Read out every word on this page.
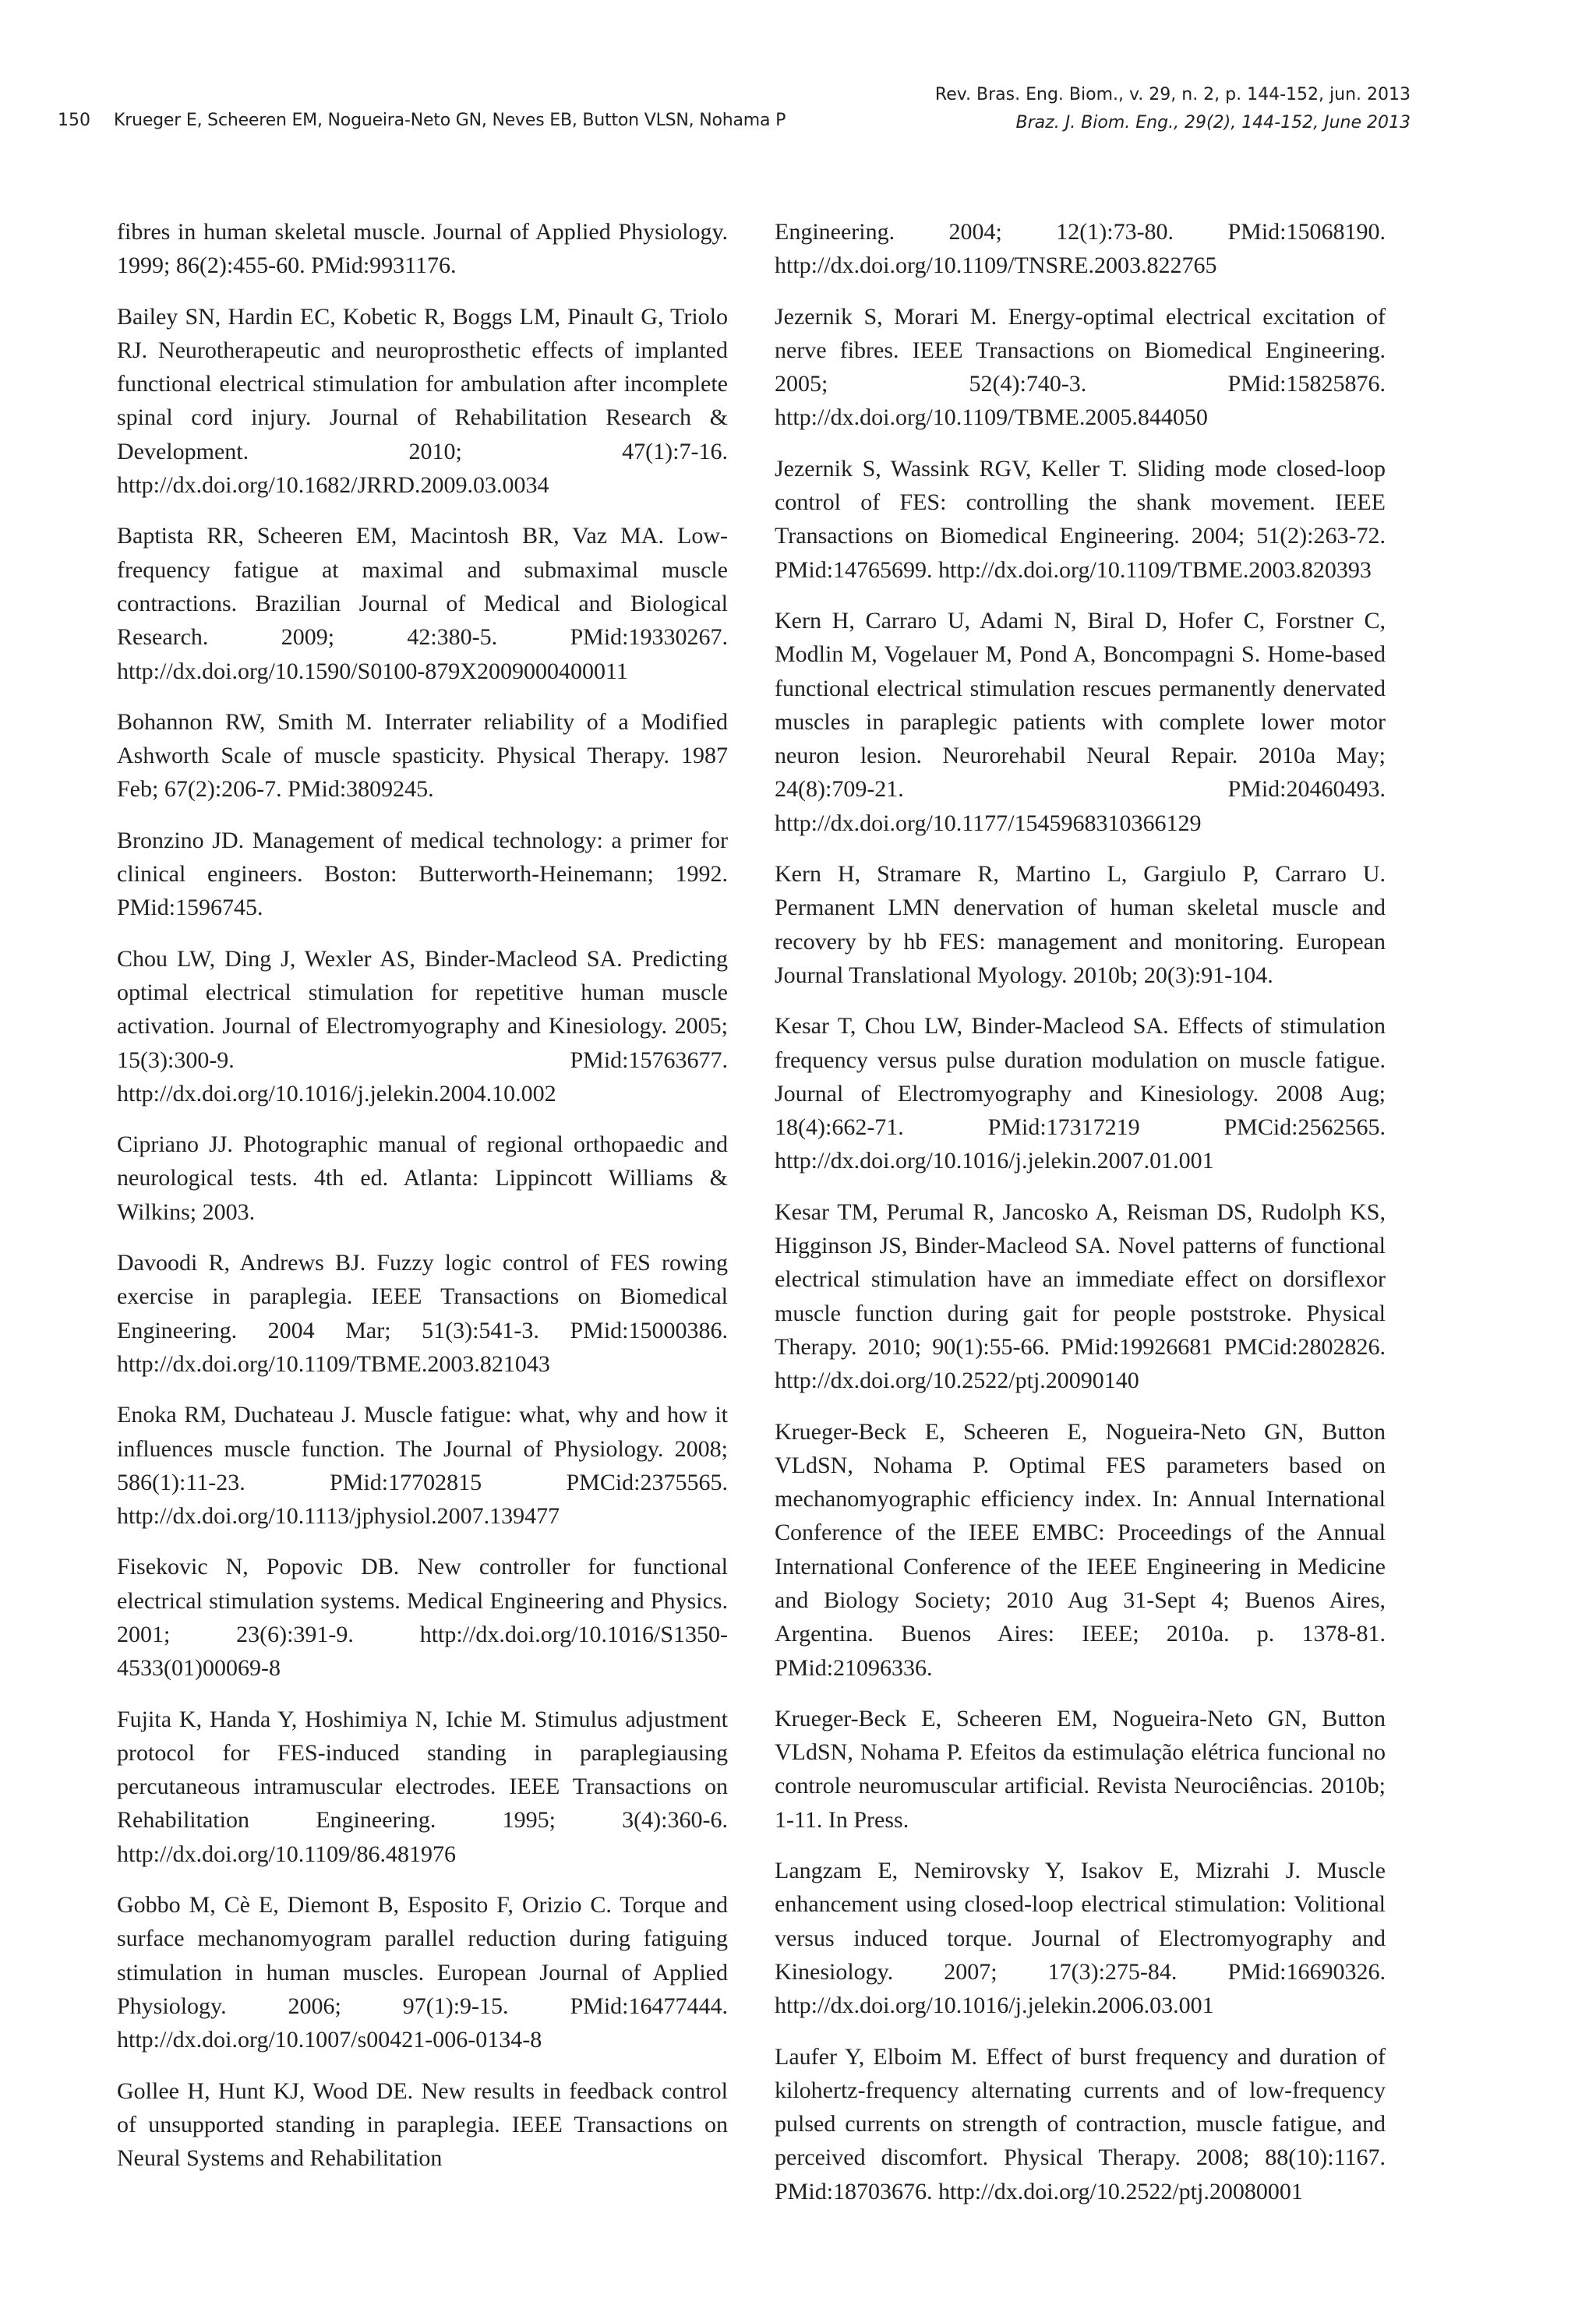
150 Krueger E, Scheeren EM, Nogueira-Neto GN, Neves EB, Button VLSN, Nohama P
Rev. Bras. Eng. Biom., v. 29, n. 2, p. 144-152, jun. 2013
Braz. J. Biom. Eng., 29(2), 144-152, June 2013

fibres in human skeletal muscle. Journal of Applied Physiology. 1999; 86(2):455-60. PMid:9931176.

Bailey SN, Hardin EC, Kobetic R, Boggs LM, Pinault G, Triolo RJ. Neurotherapeutic and neuroprosthetic effects of implanted functional electrical stimulation for ambulation after incomplete spinal cord injury. Journal of Rehabilitation Research & Development. 2010; 47(1):7-16. http://dx.doi.org/10.1682/JRRD.2009.03.0034

Baptista RR, Scheeren EM, Macintosh BR, Vaz MA. Low-frequency fatigue at maximal and submaximal muscle contractions. Brazilian Journal of Medical and Biological Research. 2009; 42:380-5. PMid:19330267. http://dx.doi.org/10.1590/S0100-879X2009000400011

Bohannon RW, Smith M. Interrater reliability of a Modified Ashworth Scale of muscle spasticity. Physical Therapy. 1987 Feb; 67(2):206-7. PMid:3809245.

Bronzino JD. Management of medical technology: a primer for clinical engineers. Boston: Butterworth-Heinemann; 1992. PMid:1596745.

Chou LW, Ding J, Wexler AS, Binder-Macleod SA. Predicting optimal electrical stimulation for repetitive human muscle activation. Journal of Electromyography and Kinesiology. 2005; 15(3):300-9. PMid:15763677. http://dx.doi.org/10.1016/j.jelekin.2004.10.002

Cipriano JJ. Photographic manual of regional orthopaedic and neurological tests. 4th ed. Atlanta: Lippincott Williams & Wilkins; 2003.

Davoodi R, Andrews BJ. Fuzzy logic control of FES rowing exercise in paraplegia. IEEE Transactions on Biomedical Engineering. 2004 Mar; 51(3):541-3. PMid:15000386. http://dx.doi.org/10.1109/TBME.2003.821043

Enoka RM, Duchateau J. Muscle fatigue: what, why and how it influences muscle function. The Journal of Physiology. 2008; 586(1):11-23. PMid:17702815 PMCid:2375565. http://dx.doi.org/10.1113/jphysiol.2007.139477

Fisekovic N, Popovic DB. New controller for functional electrical stimulation systems. Medical Engineering and Physics. 2001; 23(6):391-9. http://dx.doi.org/10.1016/S1350-4533(01)00069-8

Fujita K, Handa Y, Hoshimiya N, Ichie M. Stimulus adjustment protocol for FES-induced standing in paraplegiausing percutaneous intramuscular electrodes. IEEE Transactions on Rehabilitation Engineering. 1995; 3(4):360-6. http://dx.doi.org/10.1109/86.481976

Gobbo M, Cè E, Diemont B, Esposito F, Orizio C. Torque and surface mechanomyogram parallel reduction during fatiguing stimulation in human muscles. European Journal of Applied Physiology. 2006; 97(1):9-15. PMid:16477444. http://dx.doi.org/10.1007/s00421-006-0134-8

Gollee H, Hunt KJ, Wood DE. New results in feedback control of unsupported standing in paraplegia. IEEE Transactions on Neural Systems and Rehabilitation

Engineering. 2004; 12(1):73-80. PMid:15068190. http://dx.doi.org/10.1109/TNSRE.2003.822765

Jezernik S, Morari M. Energy-optimal electrical excitation of nerve fibres. IEEE Transactions on Biomedical Engineering. 2005; 52(4):740-3. PMid:15825876. http://dx.doi.org/10.1109/TBME.2005.844050

Jezernik S, Wassink RGV, Keller T. Sliding mode closed-loop control of FES: controlling the shank movement. IEEE Transactions on Biomedical Engineering. 2004; 51(2):263-72. PMid:14765699. http://dx.doi.org/10.1109/TBME.2003.820393

Kern H, Carraro U, Adami N, Biral D, Hofer C, Forstner C, Modlin M, Vogelauer M, Pond A, Boncompagni S. Home-based functional electrical stimulation rescues permanently denervated muscles in paraplegic patients with complete lower motor neuron lesion. Neurorehabil Neural Repair. 2010a May; 24(8):709-21. PMid:20460493. http://dx.doi.org/10.1177/1545968310366129

Kern H, Stramare R, Martino L, Gargiulo P, Carraro U. Permanent LMN denervation of human skeletal muscle and recovery by hb FES: management and monitoring. European Journal Translational Myology. 2010b; 20(3):91-104.

Kesar T, Chou LW, Binder-Macleod SA. Effects of stimulation frequency versus pulse duration modulation on muscle fatigue. Journal of Electromyography and Kinesiology. 2008 Aug; 18(4):662-71. PMid:17317219 PMCid:2562565. http://dx.doi.org/10.1016/j.jelekin.2007.01.001

Kesar TM, Perumal R, Jancosko A, Reisman DS, Rudolph KS, Higginson JS, Binder-Macleod SA. Novel patterns of functional electrical stimulation have an immediate effect on dorsiflexor muscle function during gait for people poststroke. Physical Therapy. 2010; 90(1):55-66. PMid:19926681 PMCid:2802826. http://dx.doi.org/10.2522/ptj.20090140

Krueger-Beck E, Scheeren E, Nogueira-Neto GN, Button VLdSN, Nohama P. Optimal FES parameters based on mechanomyographic efficiency index. In: Annual International Conference of the IEEE EMBC: Proceedings of the Annual International Conference of the IEEE Engineering in Medicine and Biology Society; 2010 Aug 31-Sept 4; Buenos Aires, Argentina. Buenos Aires: IEEE; 2010a. p. 1378-81. PMid:21096336.

Krueger-Beck E, Scheeren EM, Nogueira-Neto GN, Button VLdSN, Nohama P. Efeitos da estimulação elétrica funcional no controle neuromuscular artificial. Revista Neurociências. 2010b; 1-11. In Press.

Langzam E, Nemirovsky Y, Isakov E, Mizrahi J. Muscle enhancement using closed-loop electrical stimulation: Volitional versus induced torque. Journal of Electromyography and Kinesiology. 2007; 17(3):275-84. PMid:16690326. http://dx.doi.org/10.1016/j.jelekin.2006.03.001

Laufer Y, Elboim M. Effect of burst frequency and duration of kilohertz-frequency alternating currents and of low-frequency pulsed currents on strength of contraction, muscle fatigue, and perceived discomfort. Physical Therapy. 2008; 88(10):1167. PMid:18703676. http://dx.doi.org/10.2522/ptj.20080001
